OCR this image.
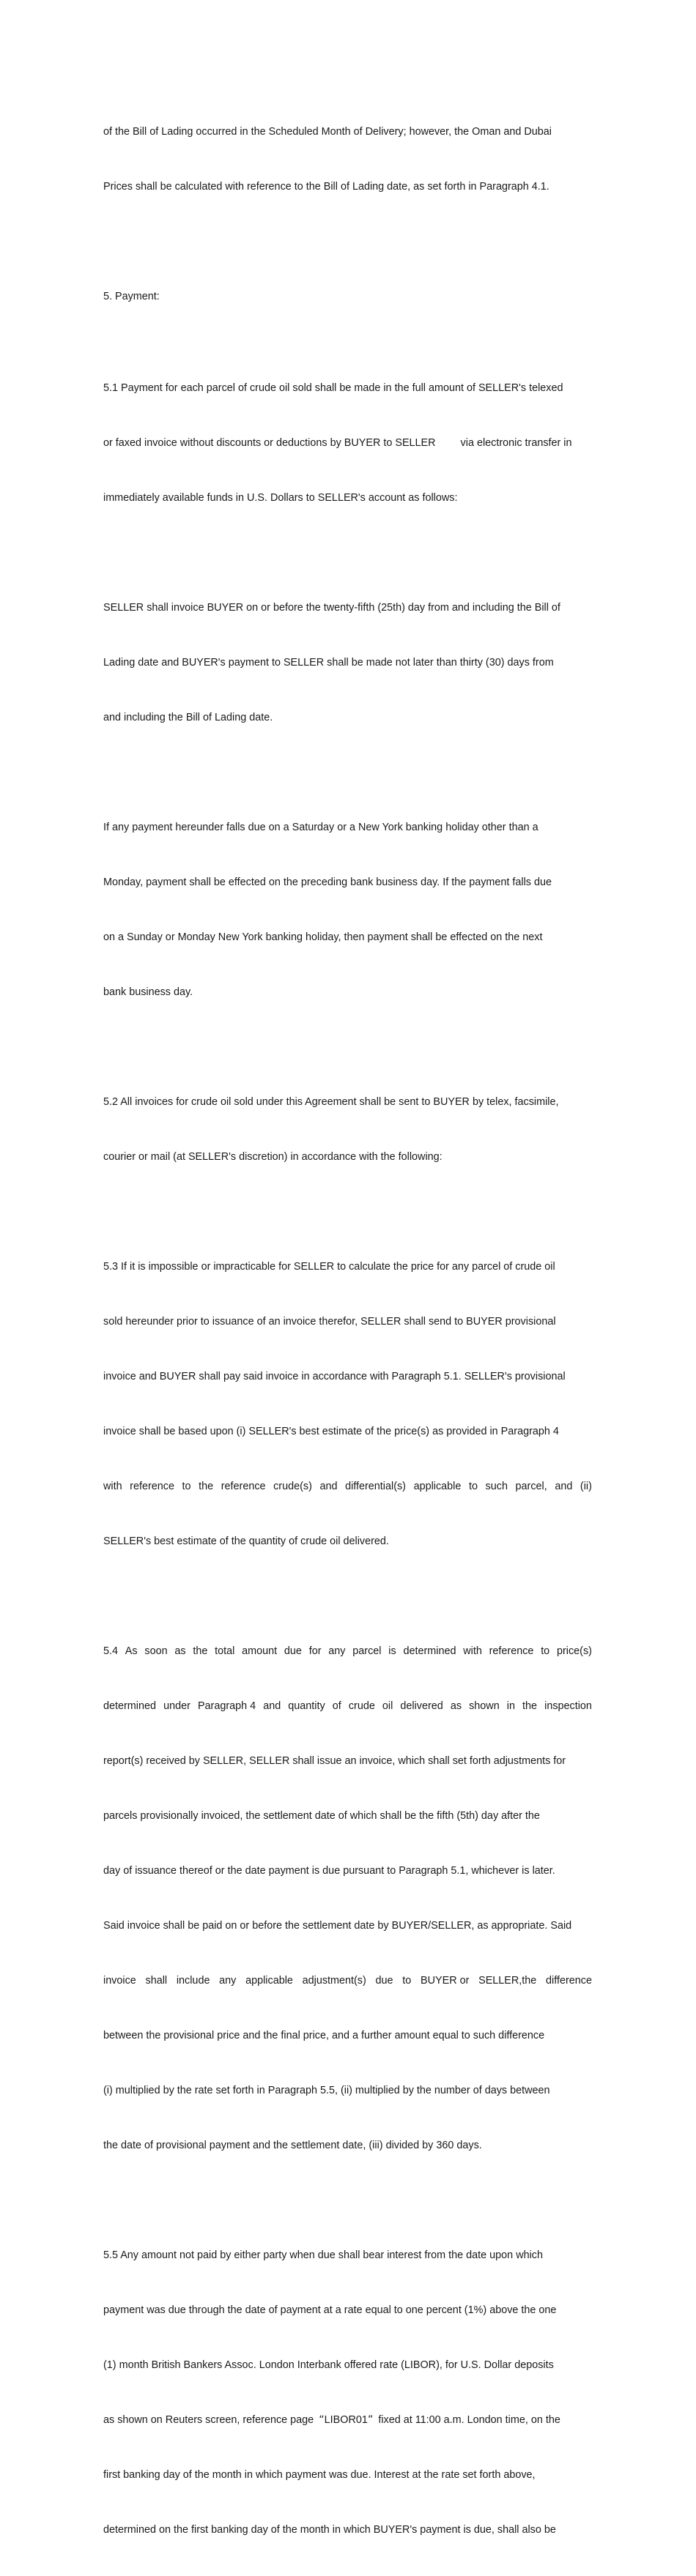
of the Bill of Lading occurred in the Scheduled Month of Delivery; however, the Oman and Dubai

Prices shall be calculated with reference to the Bill of Lading date, as set forth in Paragraph 4.1.

5. Payment:

5.1 Payment for each parcel of crude oil sold shall be made in the full amount of SELLER's telexed

or faxed invoice without discounts or deductions by BUYER to SELLER via electronic transfer in

immediately available funds in U.S. Dollars to SELLER's account as follows:

SELLER shall invoice BUYER on or before the twenty-fifth (25th) day from and including the Bill of

Lading date and BUYER's payment to SELLER shall be made not later than thirty (30) days from

and including the Bill of Lading date.

If any payment hereunder falls due on a Saturday or a New York banking holiday other than a

Monday, payment shall be effected on the preceding bank business day. If the payment falls due

on a Sunday or Monday New York banking holiday, then payment shall be effected on the next

bank business day.

5.2 All invoices for crude oil sold under this Agreement shall be sent to BUYER by telex, facsimile,

courier or mail (at SELLER's discretion) in accordance with the following:

5.3 If it is impossible or impracticable for SELLER to calculate the price for any parcel of crude oil

sold hereunder prior to issuance of an invoice therefor, SELLER shall send to BUYER provisional

invoice and BUYER shall pay said invoice in accordance with Paragraph 5.1. SELLER's provisional

invoice shall be based upon (i) SELLER's best estimate of the price(s) as provided in Paragraph 4

with reference to the reference crude(s) and differential(s) applicable to such parcel, and (ii)

SELLER's best estimate of the quantity of crude oil delivered.

5.4 As soon as the total amount due for any parcel is determined with reference to price(s)

determined under Paragraph 4 and quantity of crude oil delivered as shown in the inspection

report(s) received by SELLER, SELLER shall issue an invoice, which shall set forth adjustments for

parcels provisionally invoiced, the settlement date of which shall be the fifth (5th) day after the

day of issuance thereof or the date payment is due pursuant to Paragraph 5.1, whichever is later.

Said invoice shall be paid on or before the settlement date by BUYER/SELLER, as appropriate. Said

invoice shall include any applicable adjustment(s) due to BUYER or SELLER,the difference

between the provisional price and the final price, and a further amount equal to such difference

(i) multiplied by the rate set forth in Paragraph 5.5, (ii) multiplied by the number of days between

the date of provisional payment and the settlement date, (iii) divided by 360 days.

5.5 Any amount not paid by either party when due shall bear interest from the date upon which

payment was due through the date of payment at a rate equal to one percent (1%) above the one

(1) month British Bankers Assoc. London Interbank offered rate (LIBOR), for U.S. Dollar deposits

as shown on Reuters screen, reference page “LIBOR01” fixed at 11:00 a.m. London time, on the

first banking day of the month in which payment was due. Interest at the rate set forth above,

determined on the first banking day of the month in which BUYER's payment is due, shall also be
